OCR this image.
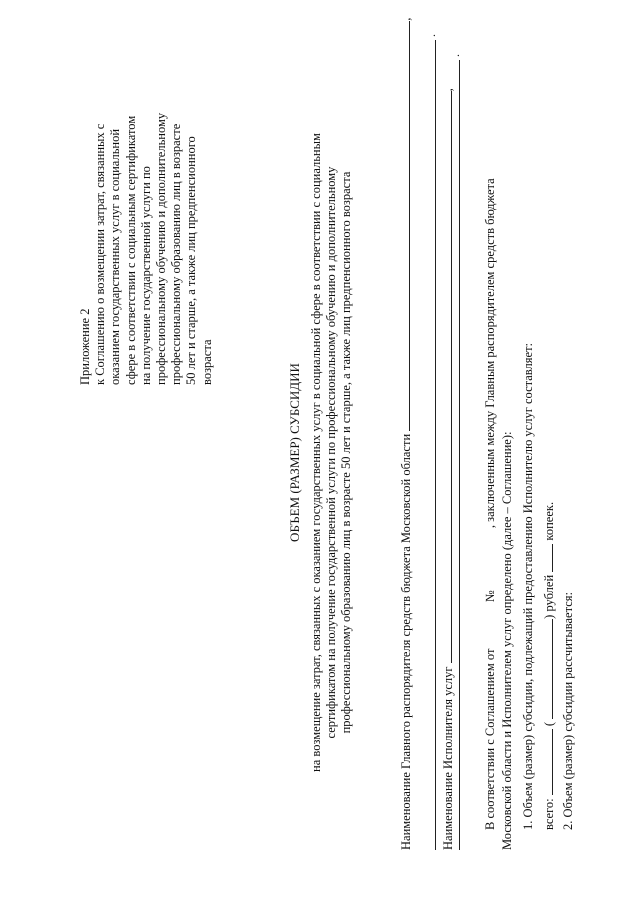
Приложение 2 к Соглашению о возмещении затрат, связанных с оказанием государственных услуг в социальной сфере в соответствии с социальным сертификатом на получение государственной услуги по профессиональному обучению и дополнительному профессиональному образованию лиц в возрасте 50 лет и старше, а также лиц предпенсионного возраста
ОБЪЕМ (РАЗМЕР) СУБСИДИИ на возмещение затрат, связанных с оказанием государственных услуг в социальной сфере в соответствии с социальным сертификатом на получение государственной услуги по профессиональному обучению и дополнительному профессиональному образованию лиц в возрасте 50 лет и старше, а также лиц предпенсионного возраста	Наименование Главного распорядителя средств бюджета Московской области ,
.
Наименование Исполнителя услуг ,
.
В соответствии с Соглашением от  №  , заключенным между Главным распорядителем средств бюджета
Московской области и Исполнителем услуг определено (далее – Соглашение): 1. Объем (размер) субсидии, подлежащий предоставлению Исполнителю услуг составляет: всего:  ( ) рублей  копеек.
2. Объем (размер) субсидии рассчитывается:
